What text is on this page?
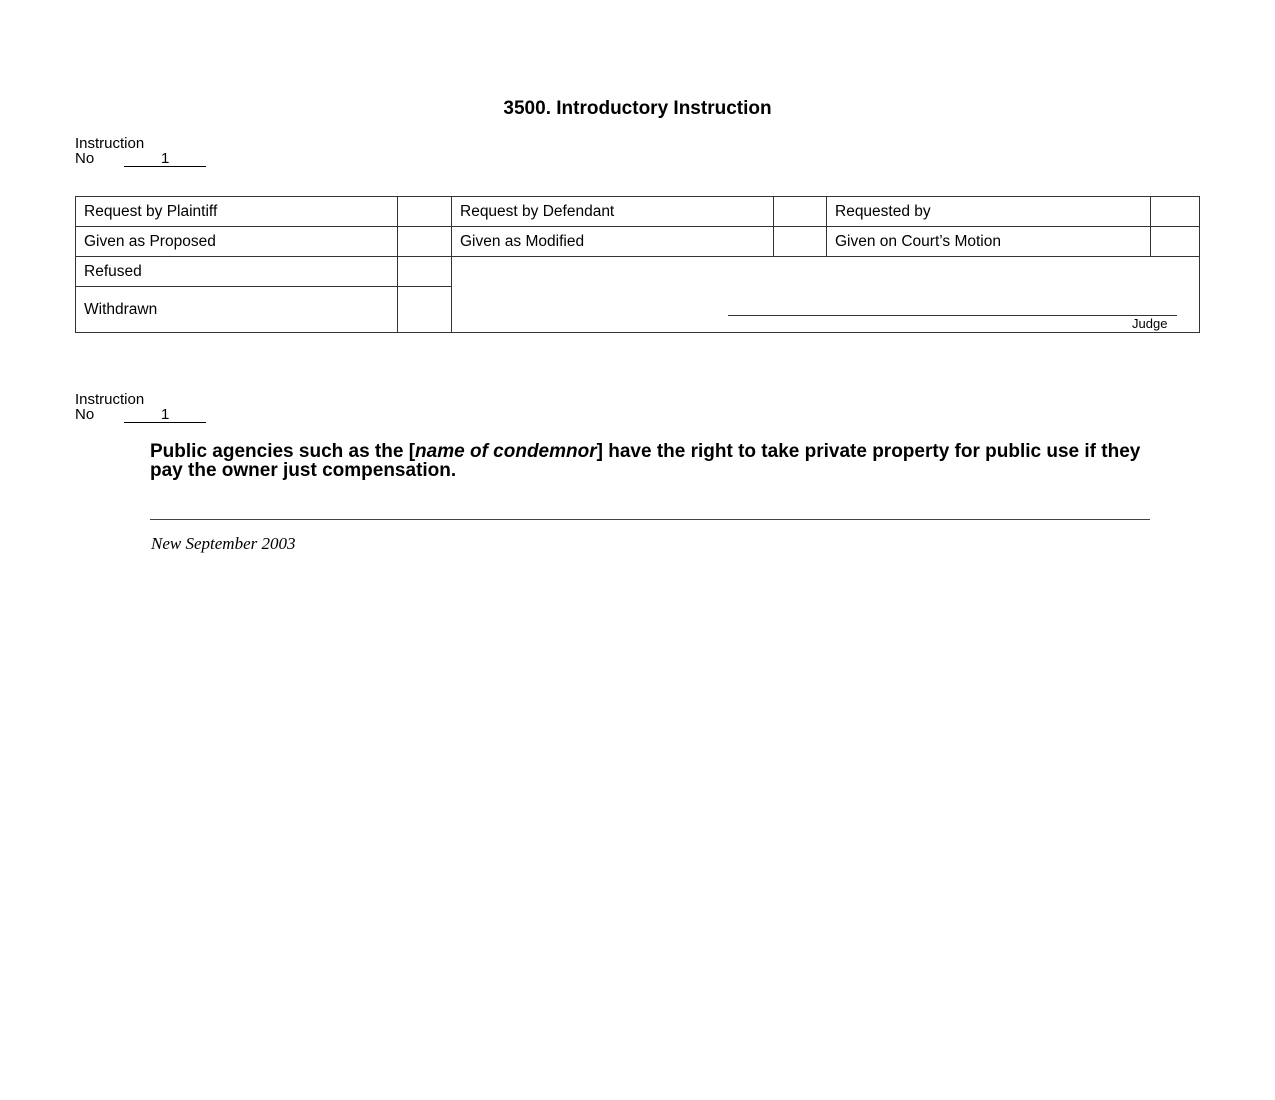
3500. Introductory Instruction
Instruction
No	1
Request by Plaintiff	Request by Defendant	Requested by
Given as Proposed	Given as Modified	Given on Court’s Motion
Refused
Withdrawn
Judge
Instruction
No	1
Public agencies such as the [name of condemnor] have the right to take private property for public use if they pay the owner just compensation.
New September 2003
